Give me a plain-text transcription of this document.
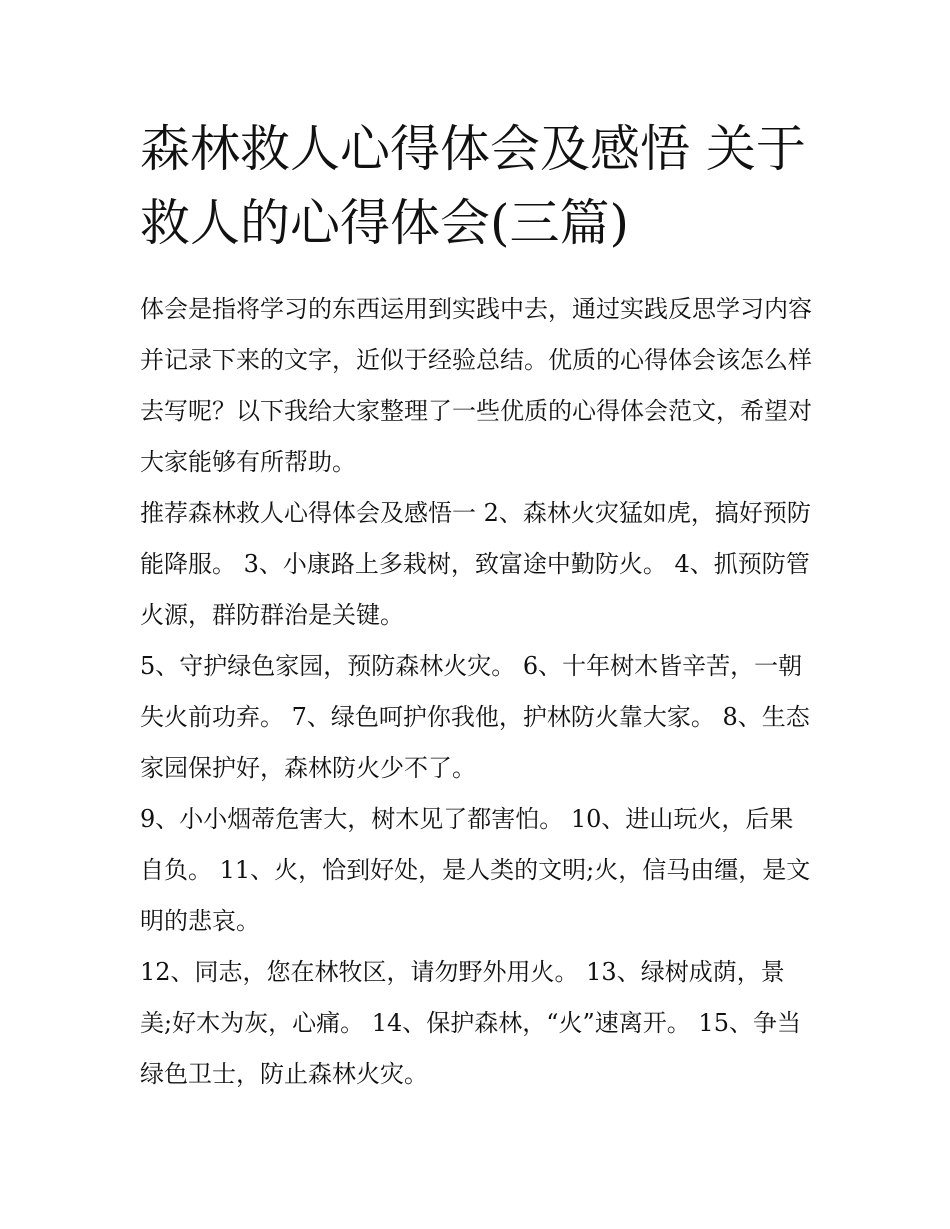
森林救人心得体会及感悟 关于救人的心得体会(三篇)

体会是指将学习的东西运用到实践中去，通过实践反思学习内容并记录下来的文字，近似于经验总结。优质的心得体会该怎么样去写呢？以下我给大家整理了一些优质的心得体会范文，希望对大家能够有所帮助。

推荐森林救人心得体会及感悟一 2、森林火灾猛如虎，搞好预防能降服。 3、小康路上多栽树，致富途中勤防火。 4、抓预防管火源，群防群治是关键。

5、守护绿色家园，预防森林火灾。 6、十年树木皆辛苦，一朝失火前功弃。 7、绿色呵护你我他，护林防火靠大家。 8、生态家园保护好，森林防火少不了。

9、小小烟蒂危害大，树木见了都害怕。 10、进山玩火，后果自负。 11、火，恰到好处，是人类的文明;火，信马由缰，是文明的悲哀。

12、同志，您在林牧区，请勿野外用火。 13、绿树成荫，景美;好木为灰，心痛。 14、保护森林，“火”速离开。 15、争当绿色卫士，防止森林火灾。
